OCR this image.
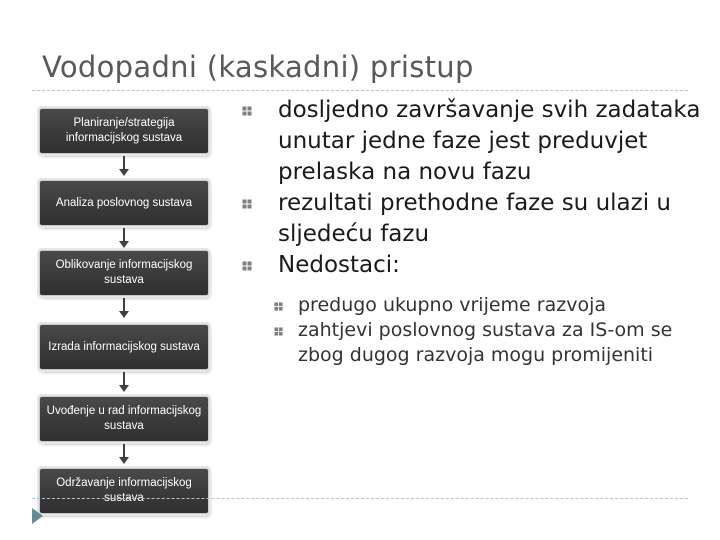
Vodopadni (kaskadni) pristup
Planiranje/strategija informacijskog sustava
Analiza poslovnog sustava
Oblikovanje informacijskog sustava
Izrada informacijskog sustava
Uvođenje u rad informacijskog sustava
Održavanje informacijskog sustava
dosljedno završavanje svih zadataka unutar jedne faze jest preduvjet prelaska na novu fazu
rezultati prethodne faze su ulazi u sljedeću fazu
Nedostaci:
predugo ukupno vrijeme razvoja
zahtjevi poslovnog sustava za IS-om se zbog dugog razvoja mogu promijeniti
